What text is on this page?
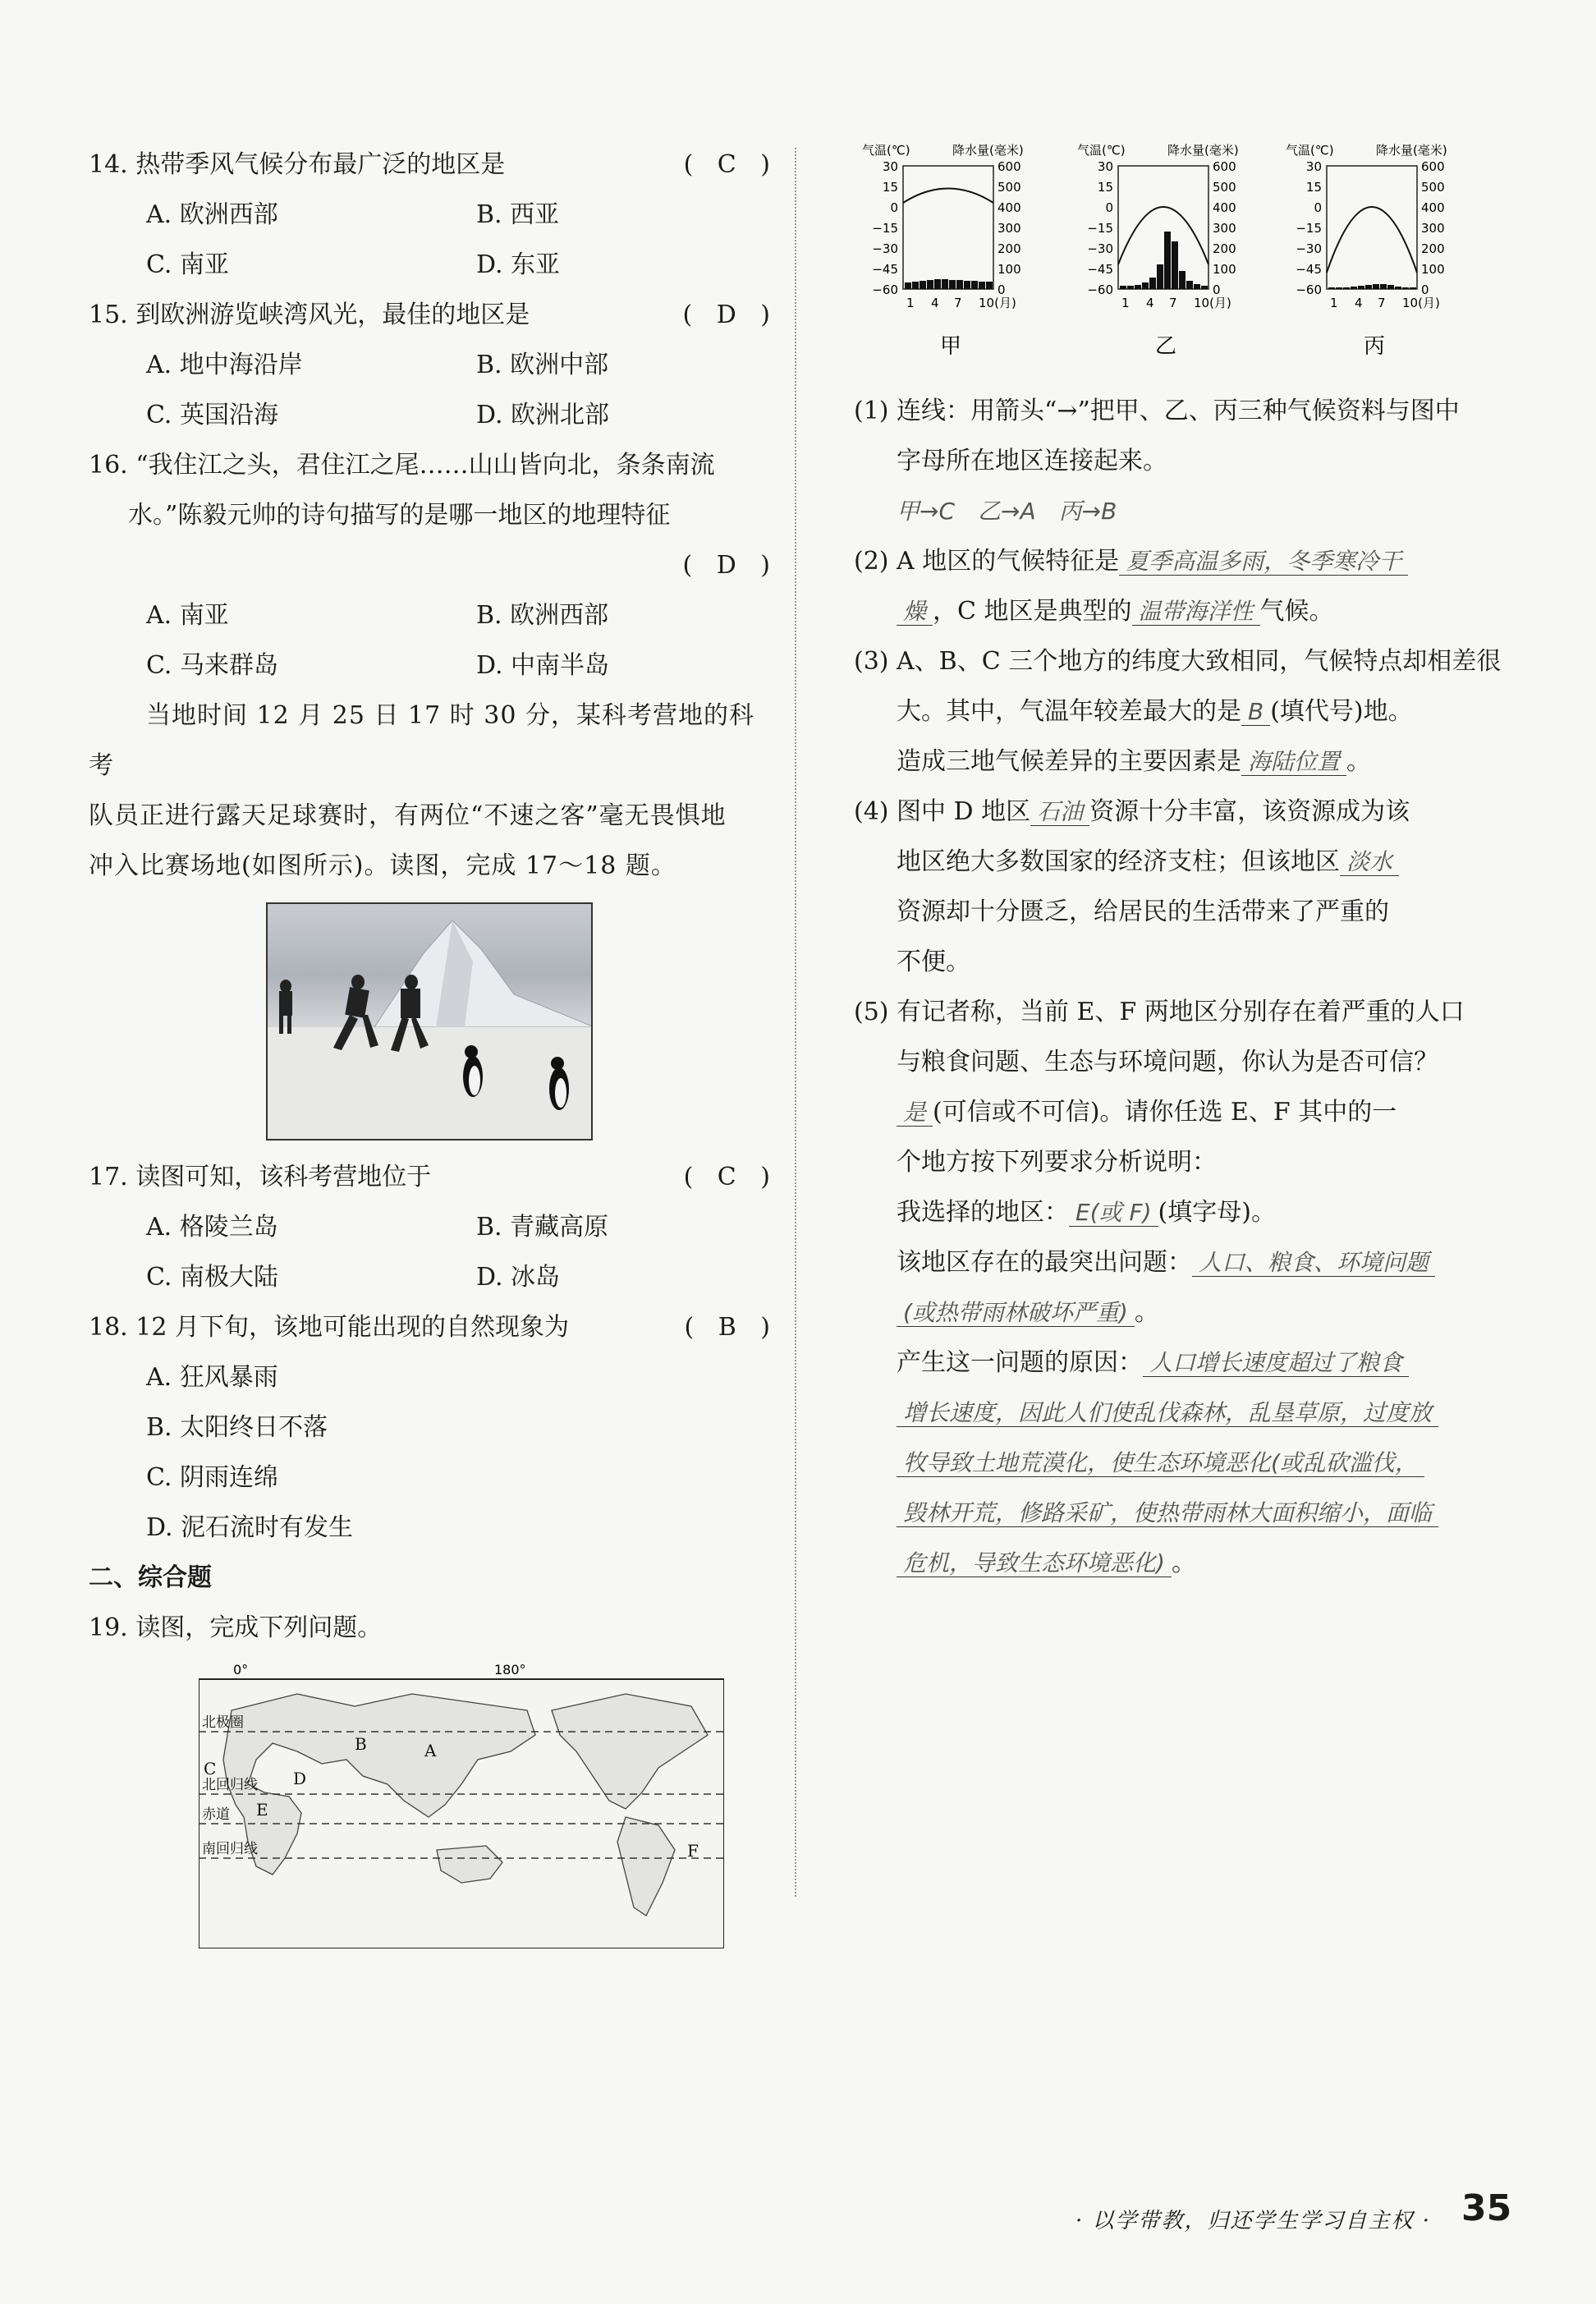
14. 热带季风气候分布最广泛的地区是	( C )
A. 欧洲西部	B. 西亚
C. 南亚	D. 东亚
15. 到欧洲游览峡湾风光，最佳的地区是	( D )
A. 地中海沿岸	B. 欧洲中部
C. 英国沿海	D. 欧洲北部
16. “我住江之头，君住江之尾……山山皆向北，条条南流
水。”陈毅元帅的诗句描写的是哪一地区的地理特征
( D )
A. 南亚	B. 欧洲西部
C. 马来群岛	D. 中南半岛
当地时间 12 月 25 日 17 时 30 分，某科考营地的科考
队员正进行露天足球赛时，有两位“不速之客”毫无畏惧地
冲入比赛场地(如图所示)。读图，完成 17～18 题。
17. 读图可知，该科考营地位于	( C )
A. 格陵兰岛	B. 青藏高原
C. 南极大陆	D. 冰岛
18. 12 月下旬，该地可能出现的自然现象为	( B )
A. 狂风暴雨
B. 太阳终日不落
C. 阴雨连绵
D. 泥石流时有发生
二、综合题
19. 读图，完成下列问题。
0°	180°
北极圈
北回归线
赤道
南回归线
B	A
C	D
E
F
气温(℃)	降水量(毫米)
30
15
0
−15
−30
−45
−60
600
500
400
300
200
100
0
1 4 7 10(月)
甲
气温(℃)	降水量(毫米)
30
15
0
−15
−30
−45
−60
600
500
400
300
200
100
0
1 4 7 10(月)
乙
气温(℃)	降水量(毫米)
30
15
0
−15
−30
−45
−60
600
500
400
300
200
100
0
1 4 7 10(月)
丙
(1) 连线：用箭头“→”把甲、乙、丙三种气候资料与图中
字母所在地区连接起来。
甲→C　乙→A　丙→B
(2) A 地区的气候特征是 夏季高温多雨，冬季寒冷干
燥 ，C 地区是典型的 温带海洋性 气候。
(3) A、B、C 三个地方的纬度大致相同，气候特点却相差很
大。其中，气温年较差最大的是 B (填代号)地。
造成三地气候差异的主要因素是 海陆位置 。
(4) 图中 D 地区 石油 资源十分丰富，该资源成为该
地区绝大多数国家的经济支柱；但该地区 淡水
资源却十分匮乏，给居民的生活带来了严重的
不便。
(5) 有记者称，当前 E、F 两地区分别存在着严重的人口
与粮食问题、生态与环境问题，你认为是否可信？
是 (可信或不可信)。请你任选 E、F 其中的一
个地方按下列要求分析说明：
我选择的地区： E(或 F) (填字母)。
该地区存在的最突出问题： 人口、粮食、环境问题
(或热带雨林破坏严重) 。
产生这一问题的原因： 人口增长速度超过了粮食
增长速度，因此人们使乱伐森林，乱垦草原，过度放
牧导致土地荒漠化，使生态环境恶化(或乱砍滥伐，
毁林开荒，修路采矿，使热带雨林大面积缩小，面临
危机，导致生态环境恶化) 。
· 以学带教，归还学生学习自主权 · 35
